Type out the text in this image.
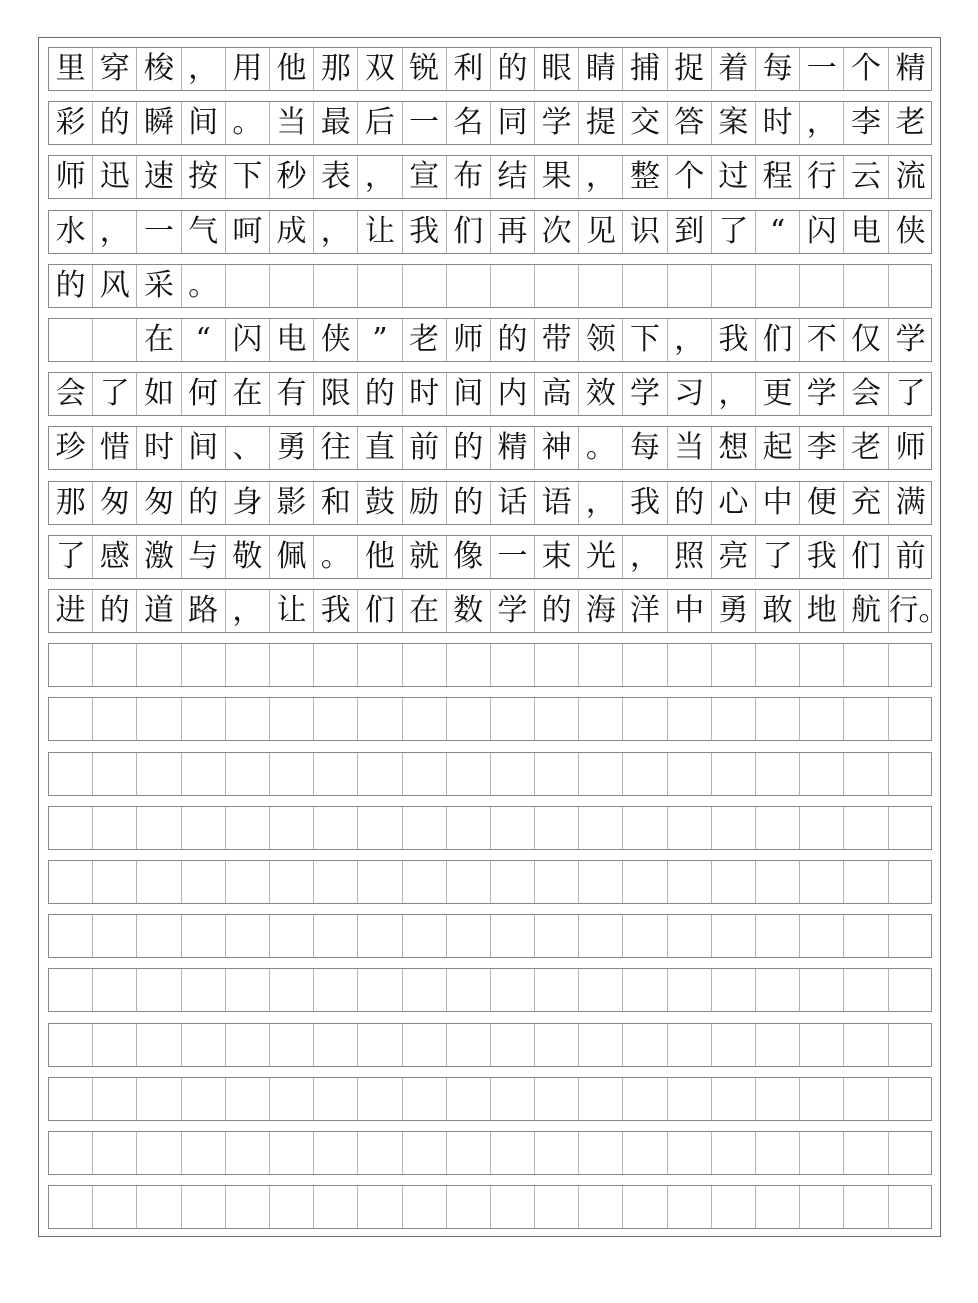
里 穿 梭 ， 用 他 那 双 锐 利 的 眼 睛 捕 捉 着 每 一 个 精
彩 的 瞬 间 。 当 最 后 一 名 同 学 提 交 答 案 时 ， 李 老
师 迅 速 按 下 秒 表 ， 宣 布 结 果 ， 整 个 过 程 行 云 流
水 ， 一 气 呵 成 ， 让 我 们 再 次 见 识 到 了 “ 闪 电 侠
的 风 采 。
在 “ 闪 电 侠 ” 老 师 的 带 领 下 ， 我 们 不 仅 学
会 了 如 何 在 有 限 的 时 间 内 高 效 学 习 ， 更 学 会 了
珍 惜 时 间 、 勇 往 直 前 的 精 神 。 每 当 想 起 李 老 师
那 匆 匆 的 身 影 和 鼓 励 的 话 语 ， 我 的 心 中 便 充 满
了 感 激 与 敬 佩 。 他 就 像 一 束 光 ， 照 亮 了 我 们 前
进 的 道 路 ， 让 我 们 在 数 学 的 海 洋 中 勇 敢 地 航 行。
